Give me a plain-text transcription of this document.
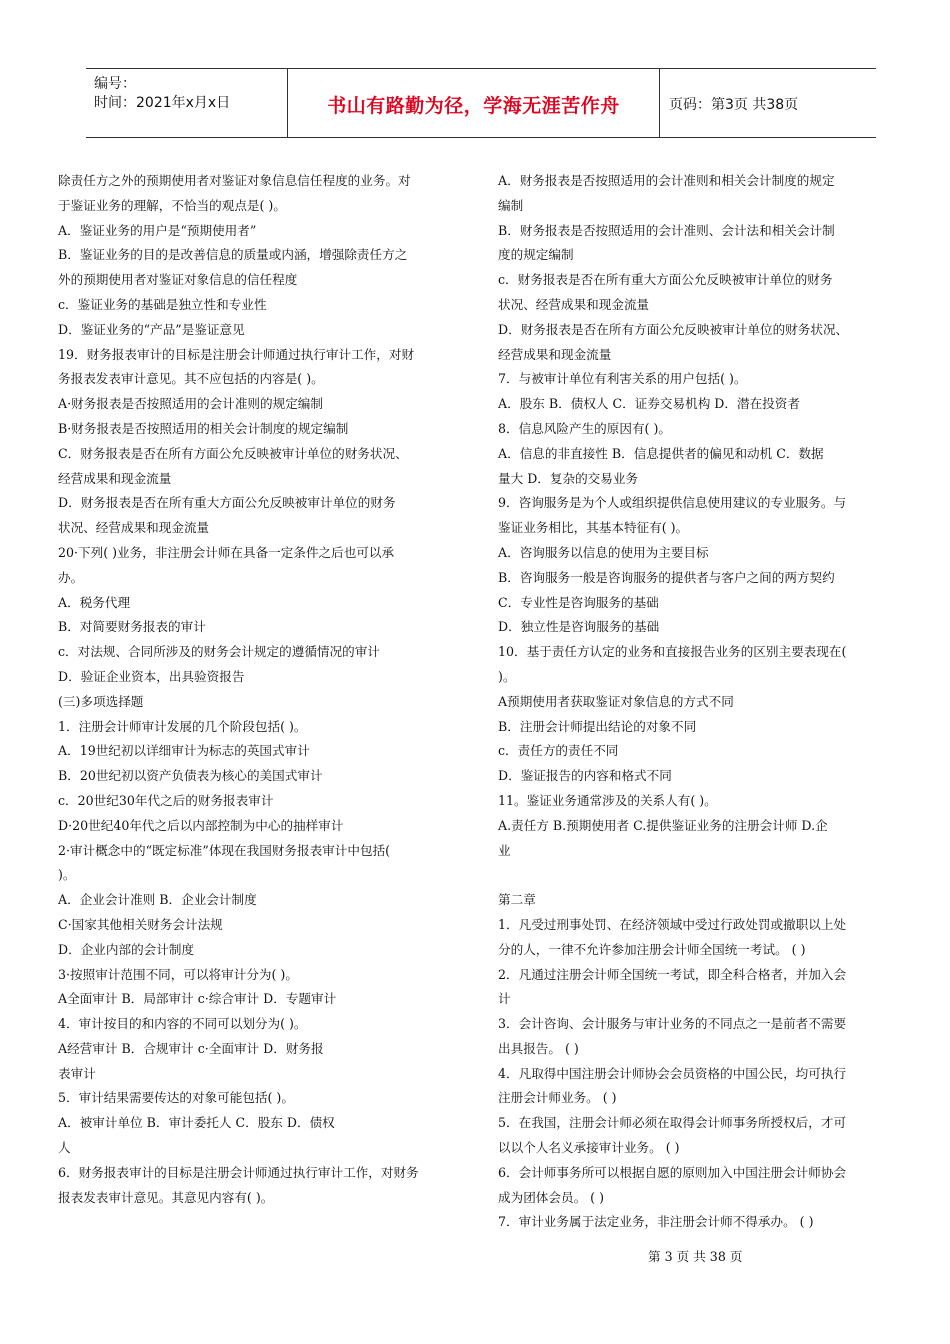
编号：
时间：2021年x月x日	书山有路勤为径，学海无涯苦作舟	页码：第3页 共38页

除责任方之外的预期使用者对鉴证对象信息信任程度的业务。对

于鉴证业务的理解，不恰当的观点是( )。

A．鉴证业务的用户是“预期使用者”

B．鉴证业务的目的是改善信息的质量或内涵，增强除责任方之

外的预期使用者对鉴证对象信息的信任程度

c．鉴证业务的基础是独立性和专业性

D．鉴证业务的“产品”是鉴证意见

19．财务报表审计的目标是注册会计师通过执行审计工作，对财

务报表发表审计意见。其不应包括的内容是( )。

A·财务报表是否按照适用的会计准则的规定编制

B·财务报表是否按照适用的相关会计制度的规定编制

C．财务报表是否在所有方面公允反映被审计单位的财务状况、

经营成果和现金流量

D．财务报表是否在所有重大方面公允反映被审计单位的财务

状况、经营成果和现金流量

20·下列( )业务，非注册会计师在具备一定条件之后也可以承

办。

A．税务代理

B．对简要财务报表的审计

c．对法规、合同所涉及的财务会计规定的遵循情况的审计

D．验证企业资本，出具验资报告

(三)多项选择题

1．注册会计师审计发展的几个阶段包括( )。

A．19世纪初以详细审计为标志的英国式审计

B．20世纪初以资产负债表为核心的美国式审计

c．20世纪30年代之后的财务报表审计

D·20世纪40年代之后以内部控制为中心的抽样审计

2·审计概念中的“既定标准”体现在我国财务报表审计中包括(

)。

A．企业会计准则 B．企业会计制度

C·国家其他相关财务会计法规

D．企业内部的会计制度

3·按照审计范围不同，可以将审计分为( )。

A全面审计 B．局部审计 c·综合审计 D．专题审计

4．审计按目的和内容的不同可以划分为( )。

A经营审计 B．合规审计 c·全面审计 D．财务报

表审计

5．审计结果需要传达的对象可能包括( )。

A．被审计单位 B．审计委托人 C．股东 D．债权

人

6．财务报表审计的目标是注册会计师通过执行审计工作，对财务

报表发表审计意见。其意见内容有( )。

A．财务报表是否按照适用的会计准则和相关会计制度的规定

编制

B．财务报表是否按照适用的会计准则、会计法和相关会计制

度的规定编制

c．财务报表是否在所有重大方面公允反映被审计单位的财务

状况、经营成果和现金流量

D．财务报表是否在所有方面公允反映被审计单位的财务状况、

经营成果和现金流量

7．与被审计单位有利害关系的用户包括( )。

A．股东 B．债权人 C．证券交易机构 D．潜在投资者

8．信息风险产生的原因有( )。

A．信息的非直接性 B．信息提供者的偏见和动机 C．数据

量大 D．复杂的交易业务

9．咨询服务是为个人或组织提供信息使用建议的专业服务。与

鉴证业务相比，其基本特征有( )。

A．咨询服务以信息的使用为主要目标

B．咨询服务一般是咨询服务的提供者与客户之间的两方契约

C．专业性是咨询服务的基础

D．独立性是咨询服务的基础

10．基于责任方认定的业务和直接报告业务的区别主要表现在(

)。

A预期使用者获取鉴证对象信息的方式不同

B．注册会计师提出结论的对象不同

c．责任方的责任不同

D．鉴证报告的内容和格式不同

11。鉴证业务通常涉及的关系人有( )。

A.责任方 B.预期使用者 C.提供鉴证业务的注册会计师 D.企

业

第二章

1．凡受过刑事处罚、在经济领域中受过行政处罚或撤职以上处

分的人，一律不允许参加注册会计师全国统一考试。 ( )

2．凡通过注册会计师全国统一考试，即全科合格者，并加入会

计

3．会计咨询、会计服务与审计业务的不同点之一是前者不需要

出具报告。 ( )

4．凡取得中国注册会计师协会会员资格的中国公民，均可执行

注册会计师业务。 ( )

5．在我国，注册会计师必须在取得会计师事务所授权后，才可

以以个人名义承接审计业务。 ( )

6．会计师事务所可以根据自愿的原则加入中国注册会计师协会

成为团体会员。 ( )

7．审计业务属于法定业务，非注册会计师不得承办。 ( )

第 3 页 共 38 页
